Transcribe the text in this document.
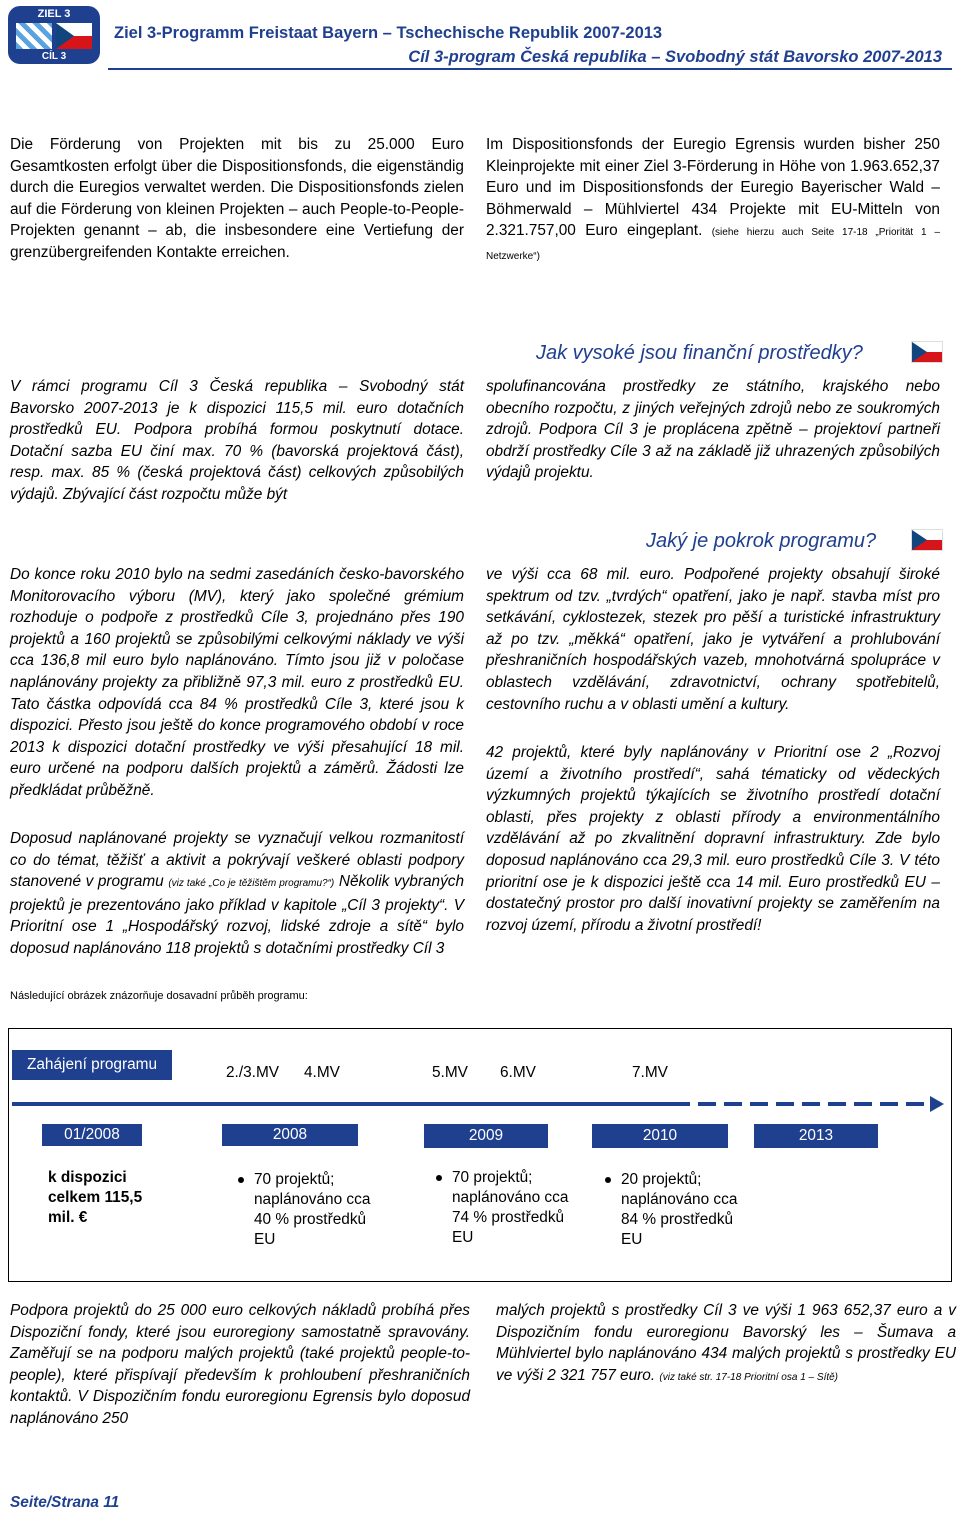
ZIEL 3
CÍL 3
Ziel 3-Programm Freistaat Bayern – Tschechische Republik 2007-2013
Cíl 3-program Česká republika – Svobodný stát Bavorsko 2007-2013
Die Förderung von Projekten mit bis zu 25.000 Euro Gesamtkosten erfolgt über die Dispositionsfonds, die eigenständig durch die Euregios verwaltet werden. Die Dispositionsfonds zielen auf die Förderung von kleinen Projekten – auch People-to-People-Projekten genannt – ab, die insbesondere eine Vertiefung der grenzübergreifenden Kontakte erreichen.
Im Dispositionsfonds der Euregio Egrensis wurden bisher 250 Kleinprojekte mit einer Ziel 3-Förderung in Höhe von 1.963.652,37 Euro und im Dispositionsfonds der Euregio Bayerischer Wald – Böhmerwald – Mühlviertel 434 Projekte mit EU-Mitteln von 2.321.757,00 Euro eingeplant. (siehe hierzu auch Seite 17-18 „Priorität 1 – Netzwerke“)
Jak vysoké jsou finanční prostředky?
V rámci programu Cíl 3 Česká republika – Svobodný stát Bavorsko 2007-2013 je k dispozici 115,5 mil. euro dotačních prostředků EU. Podpora probíhá formou poskytnutí dotace. Dotační sazba EU činí max. 70 % (bavorská projektová část), resp. max. 85 % (česká projektová část) celkových způsobilých výdajů. Zbývající část rozpočtu může být
spolufinancována prostředky ze státního, krajského nebo obecního rozpočtu, z jiných veřejných zdrojů nebo ze soukromých zdrojů. Podpora Cíl 3 je proplácena zpětně – projektoví partneři obdrží prostředky Cíle 3 až na základě již uhrazených způsobilých výdajů projektu.
Jaký je pokrok programu?
Do konce roku 2010 bylo na sedmi zasedáních česko-bavorského Monitorovacího výboru (MV), který jako společné grémium rozhoduje o podpoře z prostředků Cíle 3, projednáno přes 190 projektů a 160 projektů se způsobilými celkovými náklady ve výši cca 136,8 mil euro bylo naplánováno. Tímto jsou již v poločase naplánovány projekty za přibližně 97,3 mil. euro z prostředků EU. Tato částka odpovídá cca 84 % prostředků Cíle 3, které jsou k dispozici. Přesto jsou ještě do konce programového období v roce 2013 k dispozici dotační prostředky ve výši přesahující 18 mil. euro určené na podporu dalších projektů a záměrů. Žádosti lze předkládat průběžně.
Doposud naplánované projekty se vyznačují velkou rozmanitostí co do témat, těžišť a aktivit a pokrývají veškeré oblasti podpory stanovené v programu (viz také „Co je těžištěm programu?“) Několik vybraných projektů je prezentováno jako příklad v kapitole „Cíl 3 projekty“. V Prioritní ose 1 „Hospodářský rozvoj, lidské zdroje a sítě“ bylo doposud naplánováno 118 projektů s dotačními prostředky Cíl 3
ve výši cca 68 mil. euro. Podpořené projekty obsahují široké spektrum od tzv. „tvrdých“ opatření, jako je např. stavba míst pro setkávání, cyklostezek, stezek pro pěší a turistické infrastruktury až po tzv. „měkká“ opatření, jako je vytváření a prohlubování přeshraničních hospodářských vazeb, mnohotvárná spolupráce v oblastech vzdělávání, zdravotnictví, ochrany spotřebitelů, cestovního ruchu a v oblasti umění a kultury.
42 projektů, které byly naplánovány v Prioritní ose 2 „Rozvoj území a životního prostředí“, sahá tématicky od vědeckých výzkumných projektů týkajících se životního prostředí dotační oblasti, přes projekty z oblasti přírody a environmentálního vzdělávání až po zkvalitnění dopravní infrastruktury. Zde bylo doposud naplánováno cca 29,3 mil. euro prostředků Cíle 3. V této prioritní ose je k dispozici ještě cca 14 mil. Euro prostředků EU – dostatečný prostor pro další inovativní projekty se zaměřením na rozvoj území, přírodu a životní prostředí!
Následující obrázek znázorňuje dosavadní průběh programu:
Zahájení programu	2./3.MV 4.MV	5.MV 6.MV	7.MV
01/2008	2008	2009	2010	2013
k dispozici celkem 115,5 mil. €
70 projektů; naplánováno cca 40 % prostředků EU
70 projektů; naplánováno cca 74 % prostředků EU
20 projektů; naplánováno cca 84 % prostředků EU
Podpora projektů do 25 000 euro celkových nákladů probíhá přes Dispoziční fondy, které jsou euroregiony samostatně spravovány. Zaměřují se na podporu malých projektů (také projektů people-to-people), které přispívají především k prohloubení přeshraničních kontaktů. V Dispozičním fondu euroregionu Egrensis bylo doposud naplánováno 250
malých projektů s prostředky Cíl 3 ve výši 1 963 652,37 euro a v Dispozičním fondu euroregionu Bavorský les – Šumava a Mühlviertel bylo naplánováno 434 malých projektů s prostředky EU ve výši 2 321 757 euro. (viz také str. 17-18 Prioritní osa 1 – Sítě)
Seite/Strana 11
